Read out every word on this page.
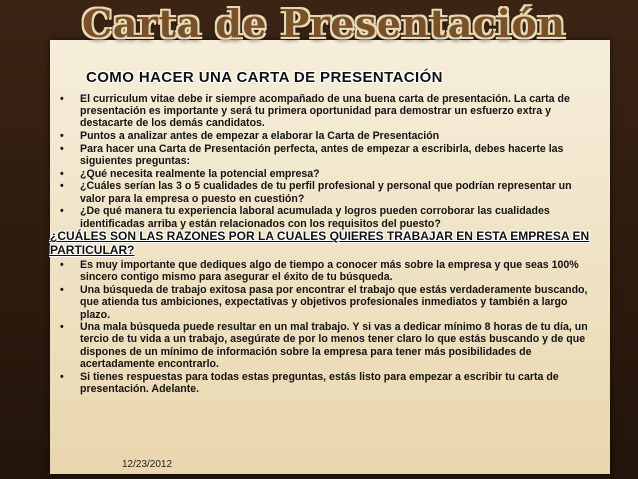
Carta de Presentación
COMO HACER UNA CARTA DE PRESENTACIÓN
• El curriculum vitae debe ir siempre acompañado de una buena carta de presentación. La carta de presentación es importante y será tu primera oportunidad para demostrar un esfuerzo extra y destacarte de los demás candidatos.
• Puntos a analizar antes de empezar a elaborar la Carta de Presentación
• Para hacer una Carta de Presentación perfecta, antes de empezar a escribirla, debes hacerte las siguientes preguntas:
• ¿Qué necesita realmente la potencial empresa?
• ¿Cuáles serían las 3 o 5 cualidades de tu perfil profesional y personal que podrían representar un valor para la empresa o puesto en cuestión?
• ¿De qué manera tu experiencia laboral acumulada y logros pueden corroborar las cualidades identificadas arriba y están relacionados con los requisitos del puesto?
¿CUÁLES SON LAS RAZONES POR LA CUALES QUIERES TRABAJAR EN ESTA EMPRESA EN PARTICULAR?
• Es muy importante que dediques algo de tiempo a conocer más sobre la empresa y que seas 100% sincero contigo mismo para asegurar el éxito de tu búsqueda.
• Una búsqueda de trabajo exitosa pasa por encontrar el trabajo que estás verdaderamente buscando, que atienda tus ambiciones, expectativas y objetivos profesionales inmediatos y también a largo plazo.
• Una mala búsqueda puede resultar en un mal trabajo. Y si vas a dedicar mínimo 8 horas de tu día, un tercio de tu vida a un trabajo, asegúrate de por lo menos tener claro lo que estás buscando y de que dispones de un mínimo de información sobre la empresa para tener más posibilidades de acertadamente encontrarlo.
• Si tienes respuestas para todas estas preguntas, estás listo para empezar a escribir tu carta de presentación. Adelante.
12/23/2012
